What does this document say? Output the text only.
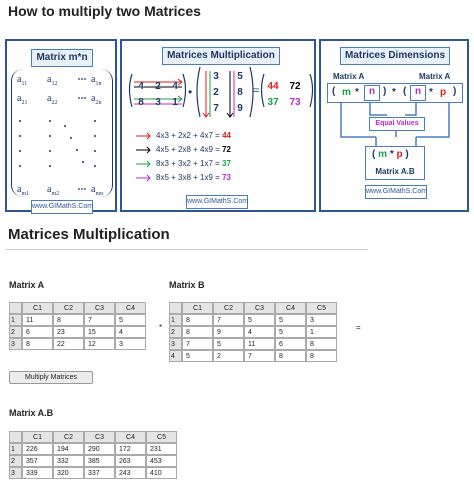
How to multiply two Matrices
Matrix m*n
$a_{11}$ $a_{12}$	$a_{1n}$
$a_{21}$ $a_{22}$	$a_{2n}$
$a_{m1}$ $a_{m2}$	$a_{mn}$
www.GIMathS.Com
Matrices Multiplication
4 2 4
8 3 1
•
3 5
2 8
7 9
= 44 72
37 73
4x3 + 2x2 + 4x7 = 44
4x5 + 2x8 + 4x9 = 72
8x3 + 3x2 + 1x7 = 37
8x5 + 3x8 + 1x9 = 73
www.GIMathS.Com
Matrices Dimensions
Matrix A	Matrix A
( m *	n ) * ( n * p )
Equal Values
( m * p )
Matrix A.B
www.GIMathS.Com
Matrices Multiplication
Matrix A	Matrix B
	C1	C2	C3	C4
1	11	8	7	5
2	6	23	15	4
3	8	22	12	3
*
	C1	C2	C3	C4	C5
1	8	7	5	5	3
2	8	9	4	5	1
3	7	5	11	6	8
4	5	2	7	8	8
=
Multiply Matrices
Matrix A.B
	C1	C2	C3	C4	C5
1	226	194	290	172	231
2	357	332	385	263	453
3	339	320	337	243	410
